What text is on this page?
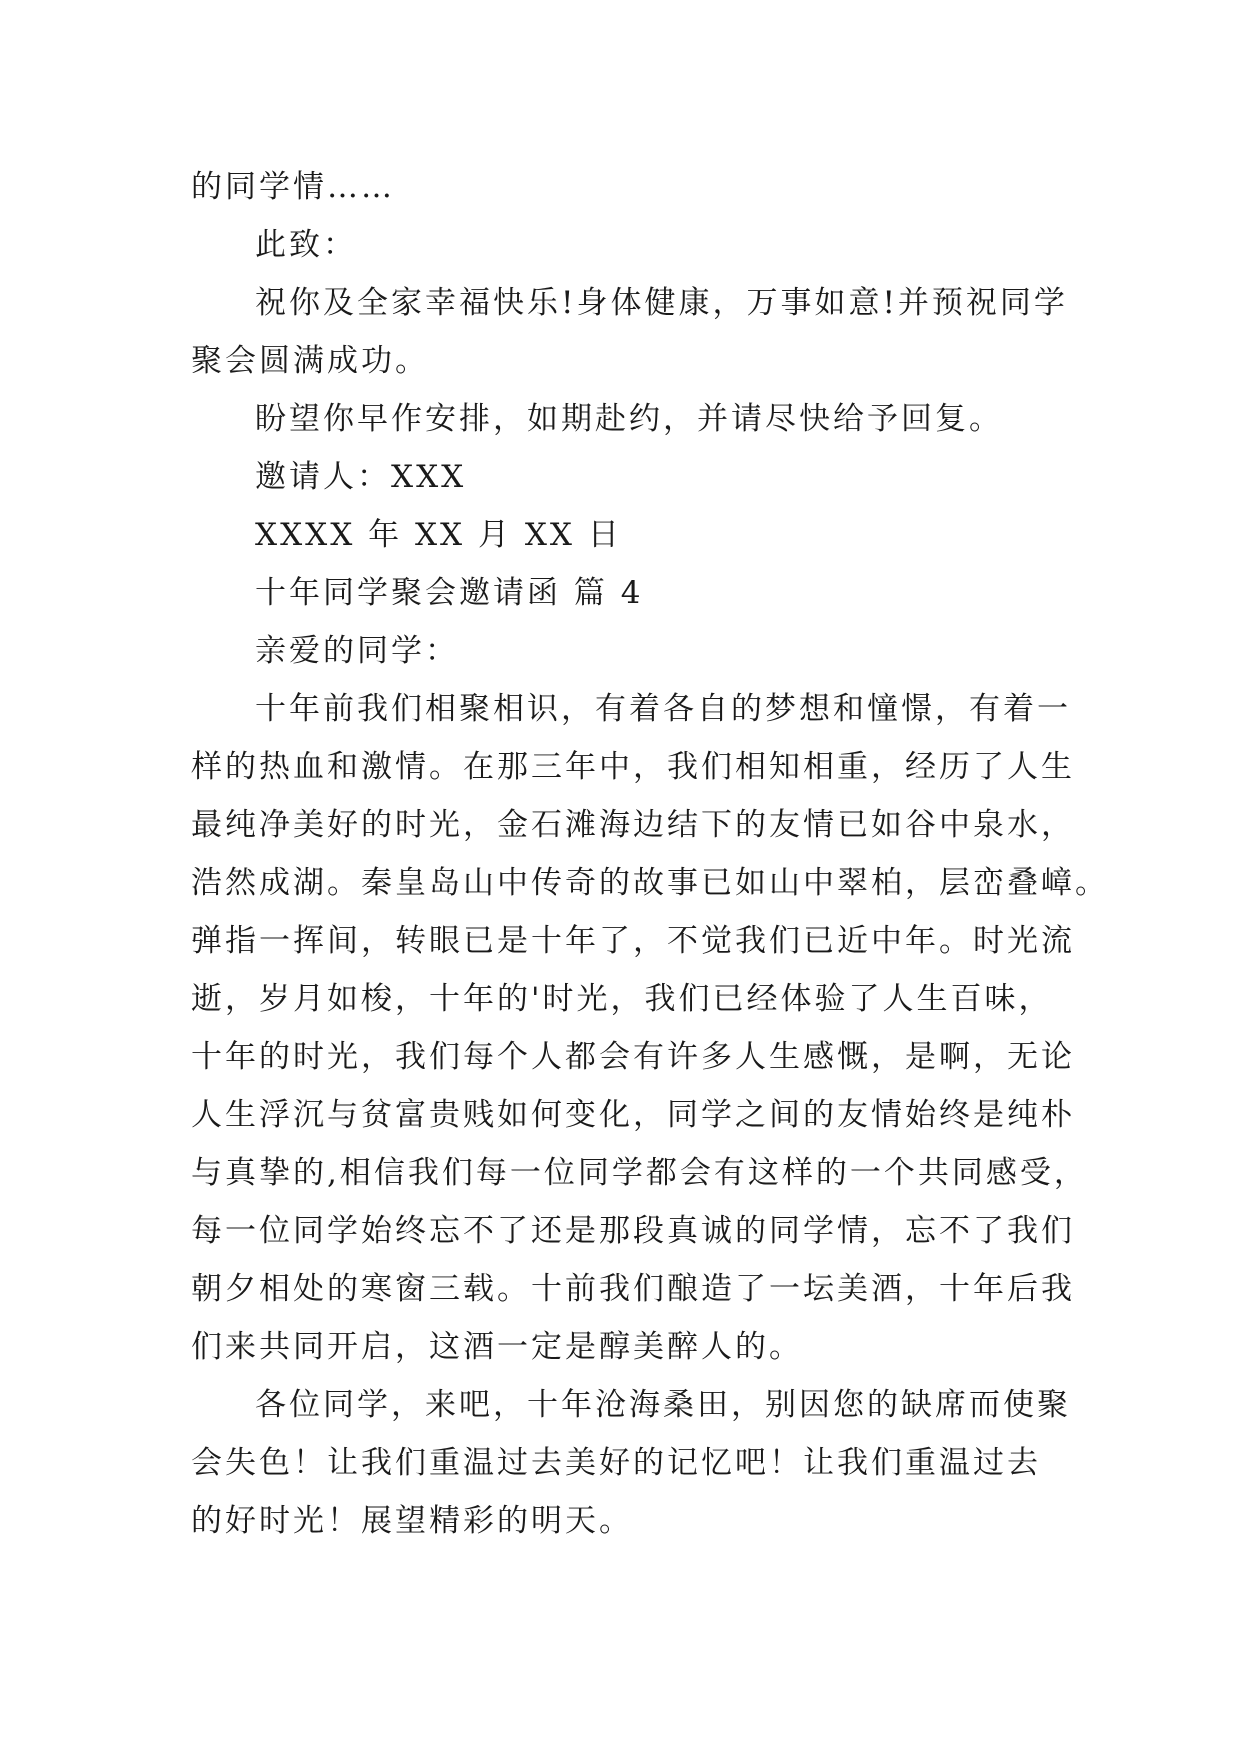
的同学情……
此致：
祝你及全家幸福快乐!身体健康，万事如意!并预祝同学
聚会圆满成功。
盼望你早作安排，如期赴约，并请尽快给予回复。
邀请人：XXX
XXXX 年 XX 月 XX 日
十年同学聚会邀请函 篇 4
亲爱的同学：
十年前我们相聚相识，有着各自的梦想和憧憬，有着一
样的热血和激情。在那三年中，我们相知相重，经历了人生
最纯净美好的时光，金石滩海边结下的友情已如谷中泉水，
浩然成湖。秦皇岛山中传奇的故事已如山中翠柏，层峦叠嶂。
弹指一挥间，转眼已是十年了，不觉我们已近中年。时光流
逝，岁月如梭，十年的'时光，我们已经体验了人生百味，
十年的时光，我们每个人都会有许多人生感慨，是啊，无论
人生浮沉与贫富贵贱如何变化，同学之间的友情始终是纯朴
与真挚的,相信我们每一位同学都会有这样的一个共同感受，
每一位同学始终忘不了还是那段真诚的同学情，忘不了我们
朝夕相处的寒窗三载。十前我们酿造了一坛美酒，十年后我
们来共同开启，这酒一定是醇美醉人的。
各位同学，来吧，十年沧海桑田，别因您的缺席而使聚
会失色！让我们重温过去美好的记忆吧！让我们重温过去
的好时光！展望精彩的明天。
